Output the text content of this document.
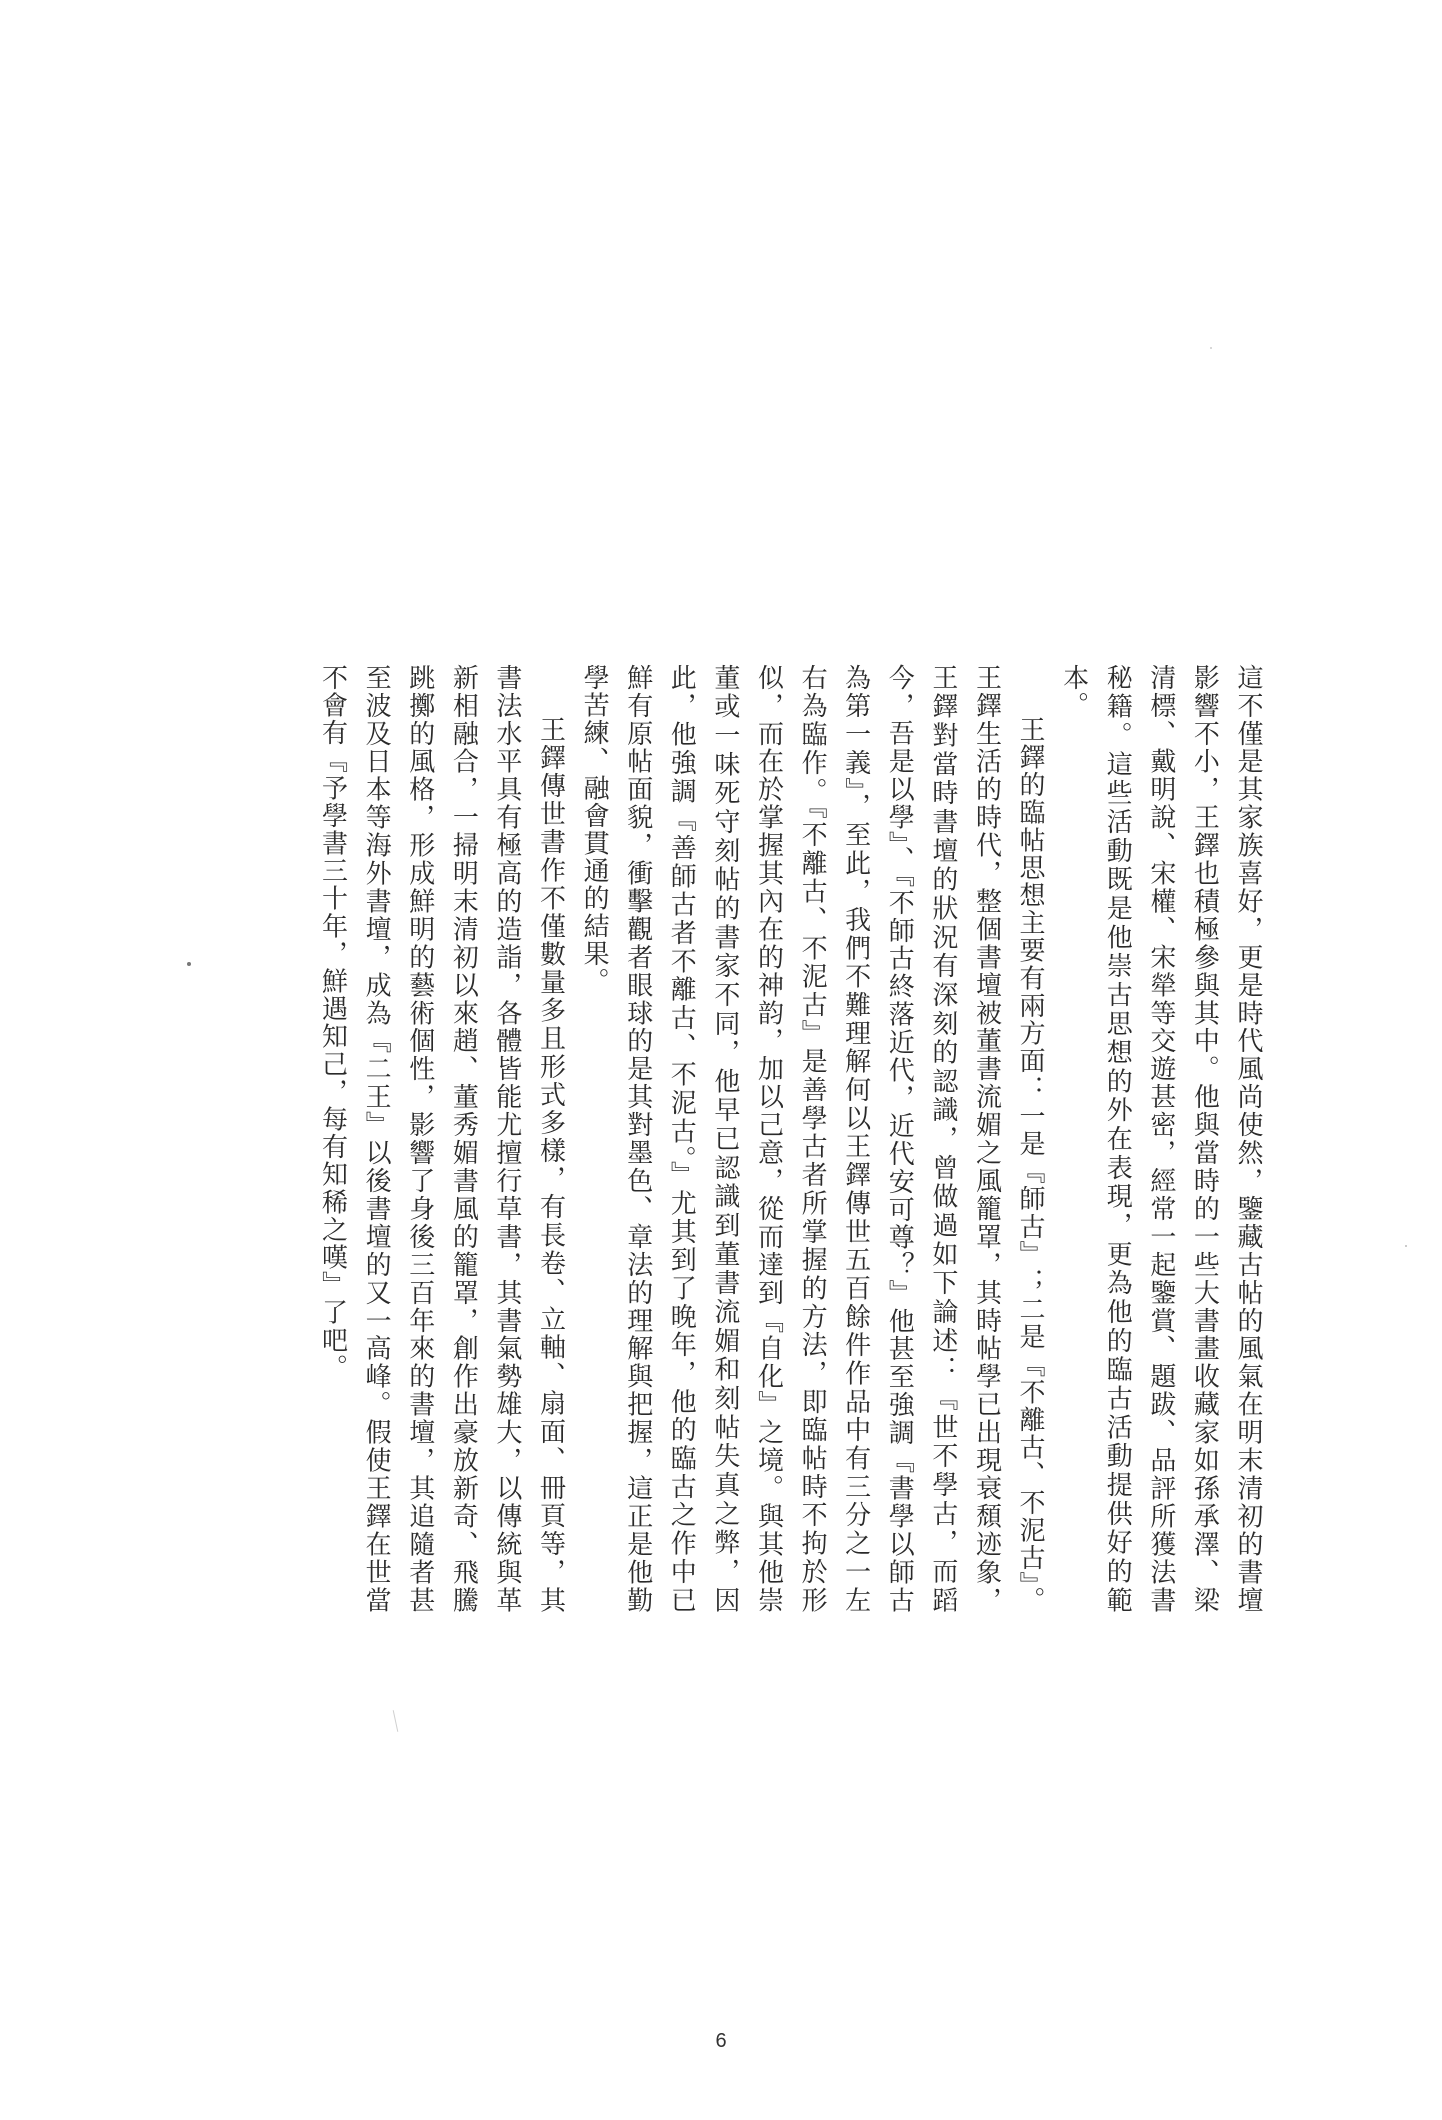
這不僅是其家族喜好，更是時代風尚使然，鑒藏古帖的風氣在明末清初的書壇影響不小，王鐸也積極參與其中。他與當時的一些大書畫收藏家如孫承澤、梁清標、戴明說、宋權、宋犖等交遊甚密，經常一起鑒賞、題跋、品評所獲法書秘籍。這些活動既是他崇古思想的外在表現，更為他的臨古活動提供好的範本。

王鐸的臨帖思想主要有兩方面：一是『師古』；二是『不離古、不泥古』。王鐸生活的時代，整個書壇被董書流媚之風籠罩，其時帖學已出現衰頹迹象，王鐸對當時書壇的狀況有深刻的認識，曾做過如下論述：『世不學古，而蹈今，吾是以學』、『不師古終落近代，近代安可尊？』他甚至強調『書學以師古為第一義』，至此，我們不難理解何以王鐸傳世五百餘件作品中有三分之一左右為臨作。『不離古、不泥古』是善學古者所掌握的方法，即臨帖時不拘於形似，而在於掌握其內在的神韵，加以己意，從而達到『自化』之境。與其他崇董或一味死守刻帖的書家不同，他早已認識到董書流媚和刻帖失真之弊，因此，他強調『善師古者不離古、不泥古。』尤其到了晚年，他的臨古之作中已鮮有原帖面貌，衝擊觀者眼球的是其對墨色、章法的理解與把握，這正是他勤學苦練、融會貫通的結果。

王鐸傳世書作不僅數量多且形式多樣，有長卷、立軸、扇面、冊頁等，其書法水平具有極高的造詣，各體皆能尤擅行草書，其書氣勢雄大，以傳統與革新相融合，一掃明末清初以來趙、董秀媚書風的籠罩，創作出豪放新奇、飛騰跳擲的風格，形成鮮明的藝術個性，影響了身後三百年來的書壇，其追隨者甚至波及日本等海外書壇，成為『二王』以後書壇的又一高峰。假使王鐸在世當不會有『予學書三十年，鮮遇知己，每有知稀之嘆』了吧。

6
